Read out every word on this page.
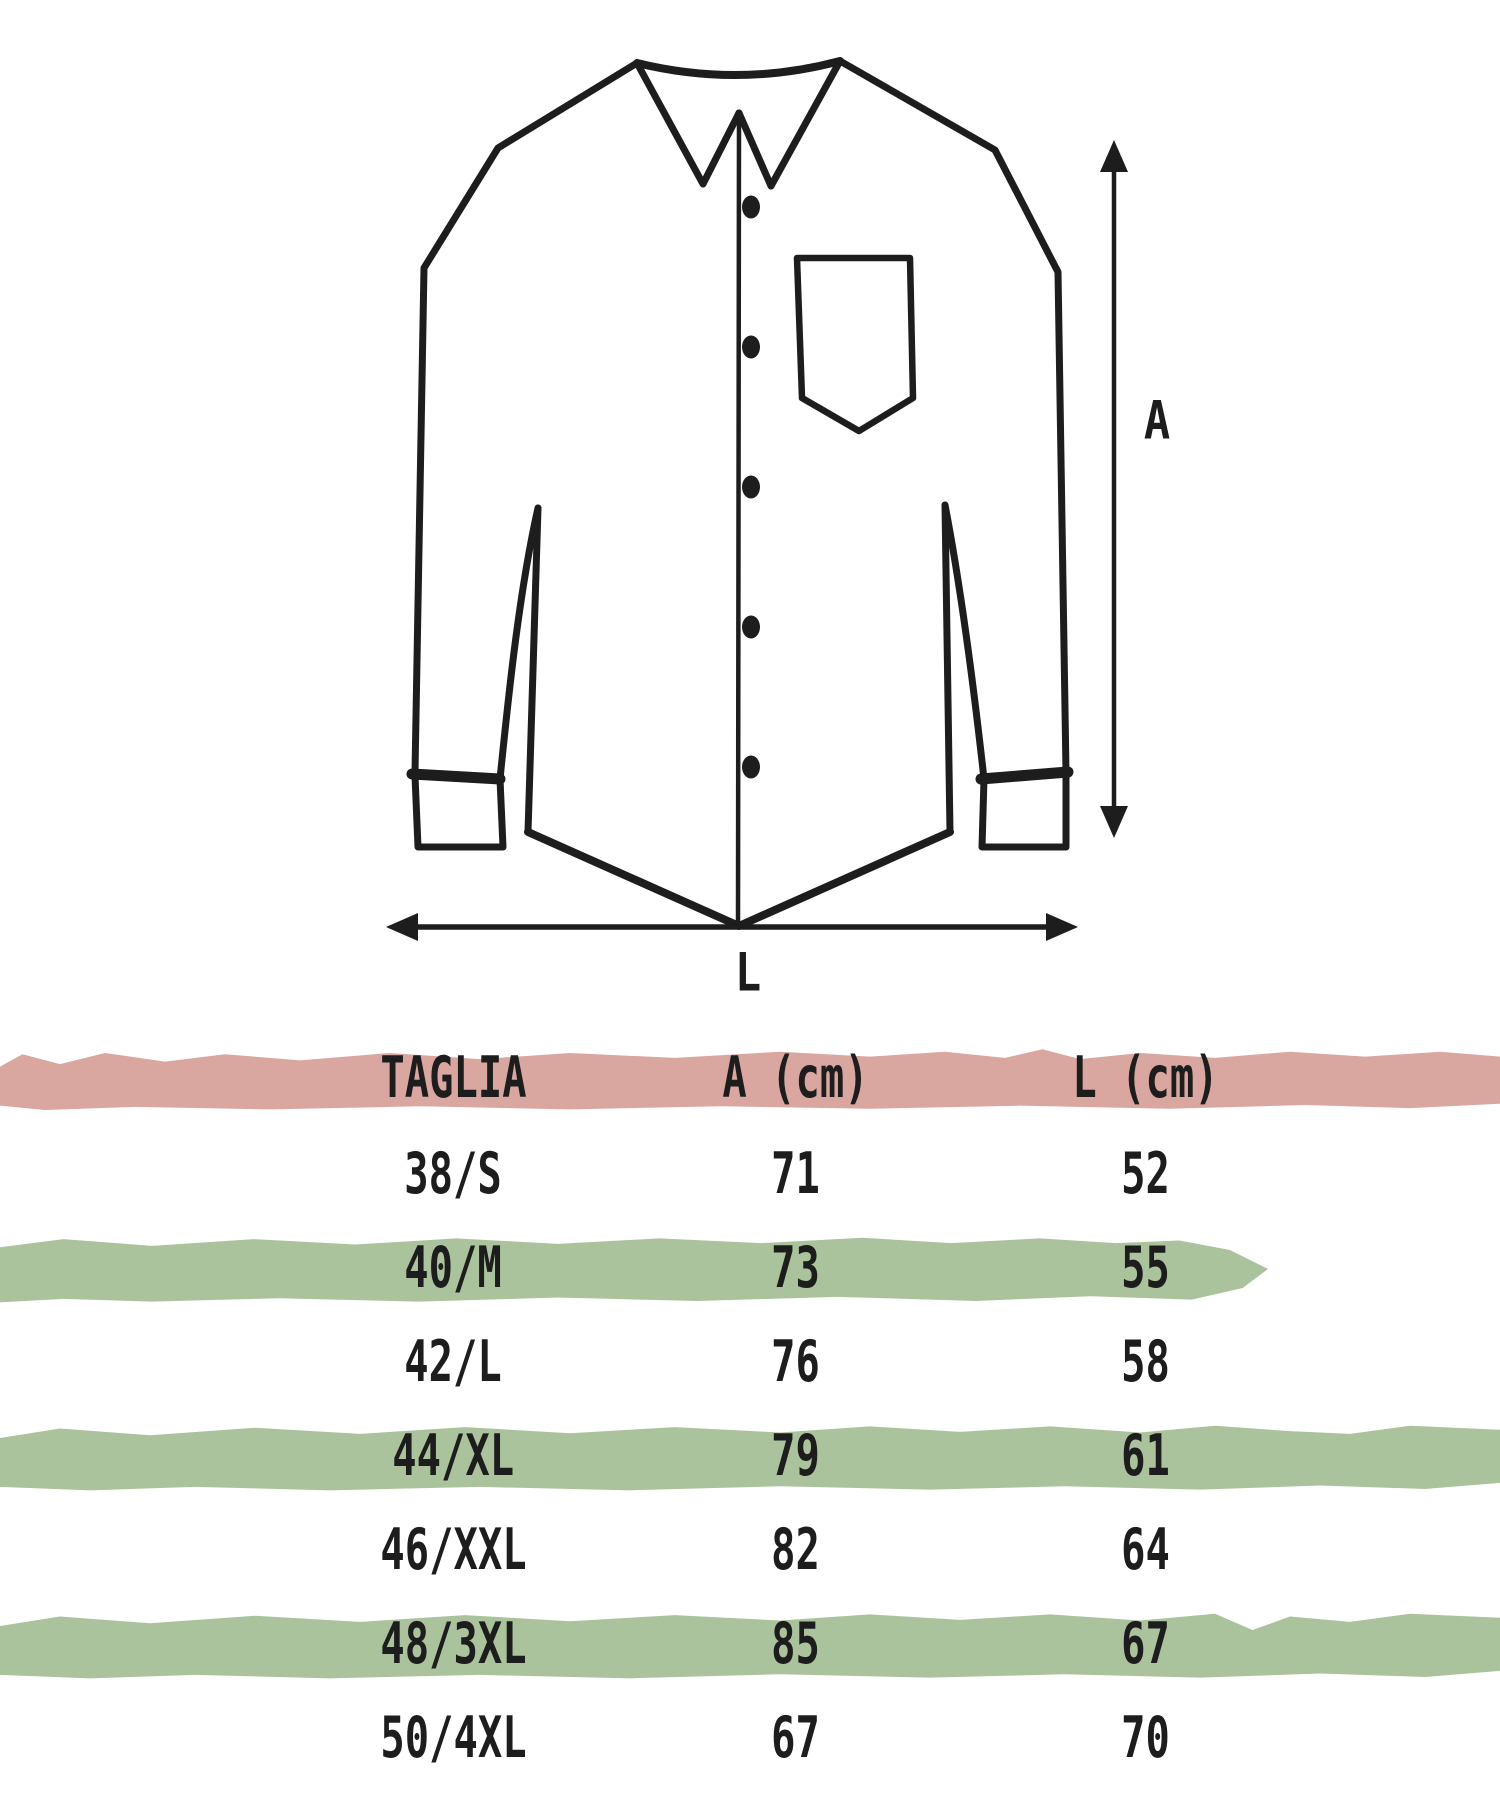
A
L
TAGLIA	A (cm)	L (cm)
38/S	71	52
40/M	73	55
42/L	76	58
44/XL	79	61
46/XXL	82	64
48/3XL	85	67
50/4XL	67	70
